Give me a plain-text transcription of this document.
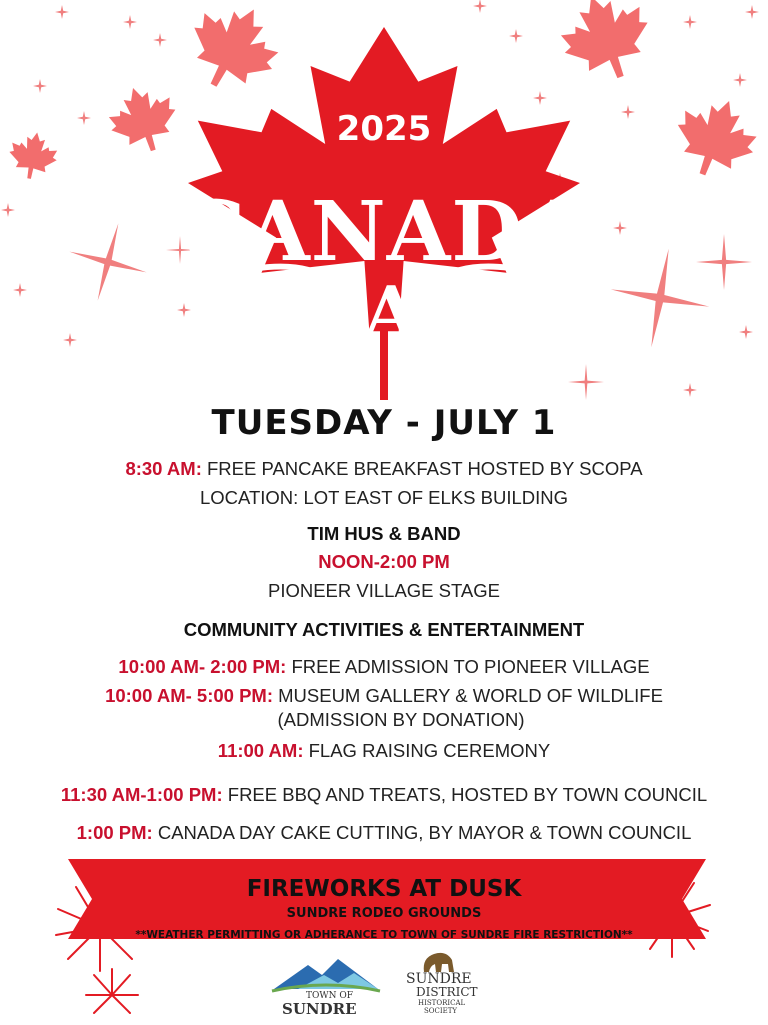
2025
CANADA
DAY
TUESDAY - JULY 1
8:30 AM: FREE PANCAKE BREAKFAST HOSTED BY SCOPA
LOCATION: LOT EAST OF ELKS BUILDING
TIM HUS & BAND
NOON-2:00 PM
PIONEER VILLAGE STAGE
COMMUNITY ACTIVITIES & ENTERTAINMENT
10:00 AM- 2:00 PM: FREE ADMISSION TO PIONEER VILLAGE
10:00 AM- 5:00 PM: MUSEUM GALLERY & WORLD OF WILDLIFE
(ADMISSION BY DONATION)
11:00 AM: FLAG RAISING CEREMONY
11:30 AM-1:00 PM: FREE BBQ AND TREATS, HOSTED BY TOWN COUNCIL
1:00 PM: CANADA DAY CAKE CUTTING, BY MAYOR & TOWN COUNCIL
FIREWORKS AT DUSK
SUNDRE RODEO GROUNDS
**WEATHER PERMITTING OR ADHERANCE TO TOWN OF SUNDRE FIRE RESTRICTION**
TOWN OF
SUNDRE
SUNDRE
DISTRICT
HISTORICAL
SOCIETY
